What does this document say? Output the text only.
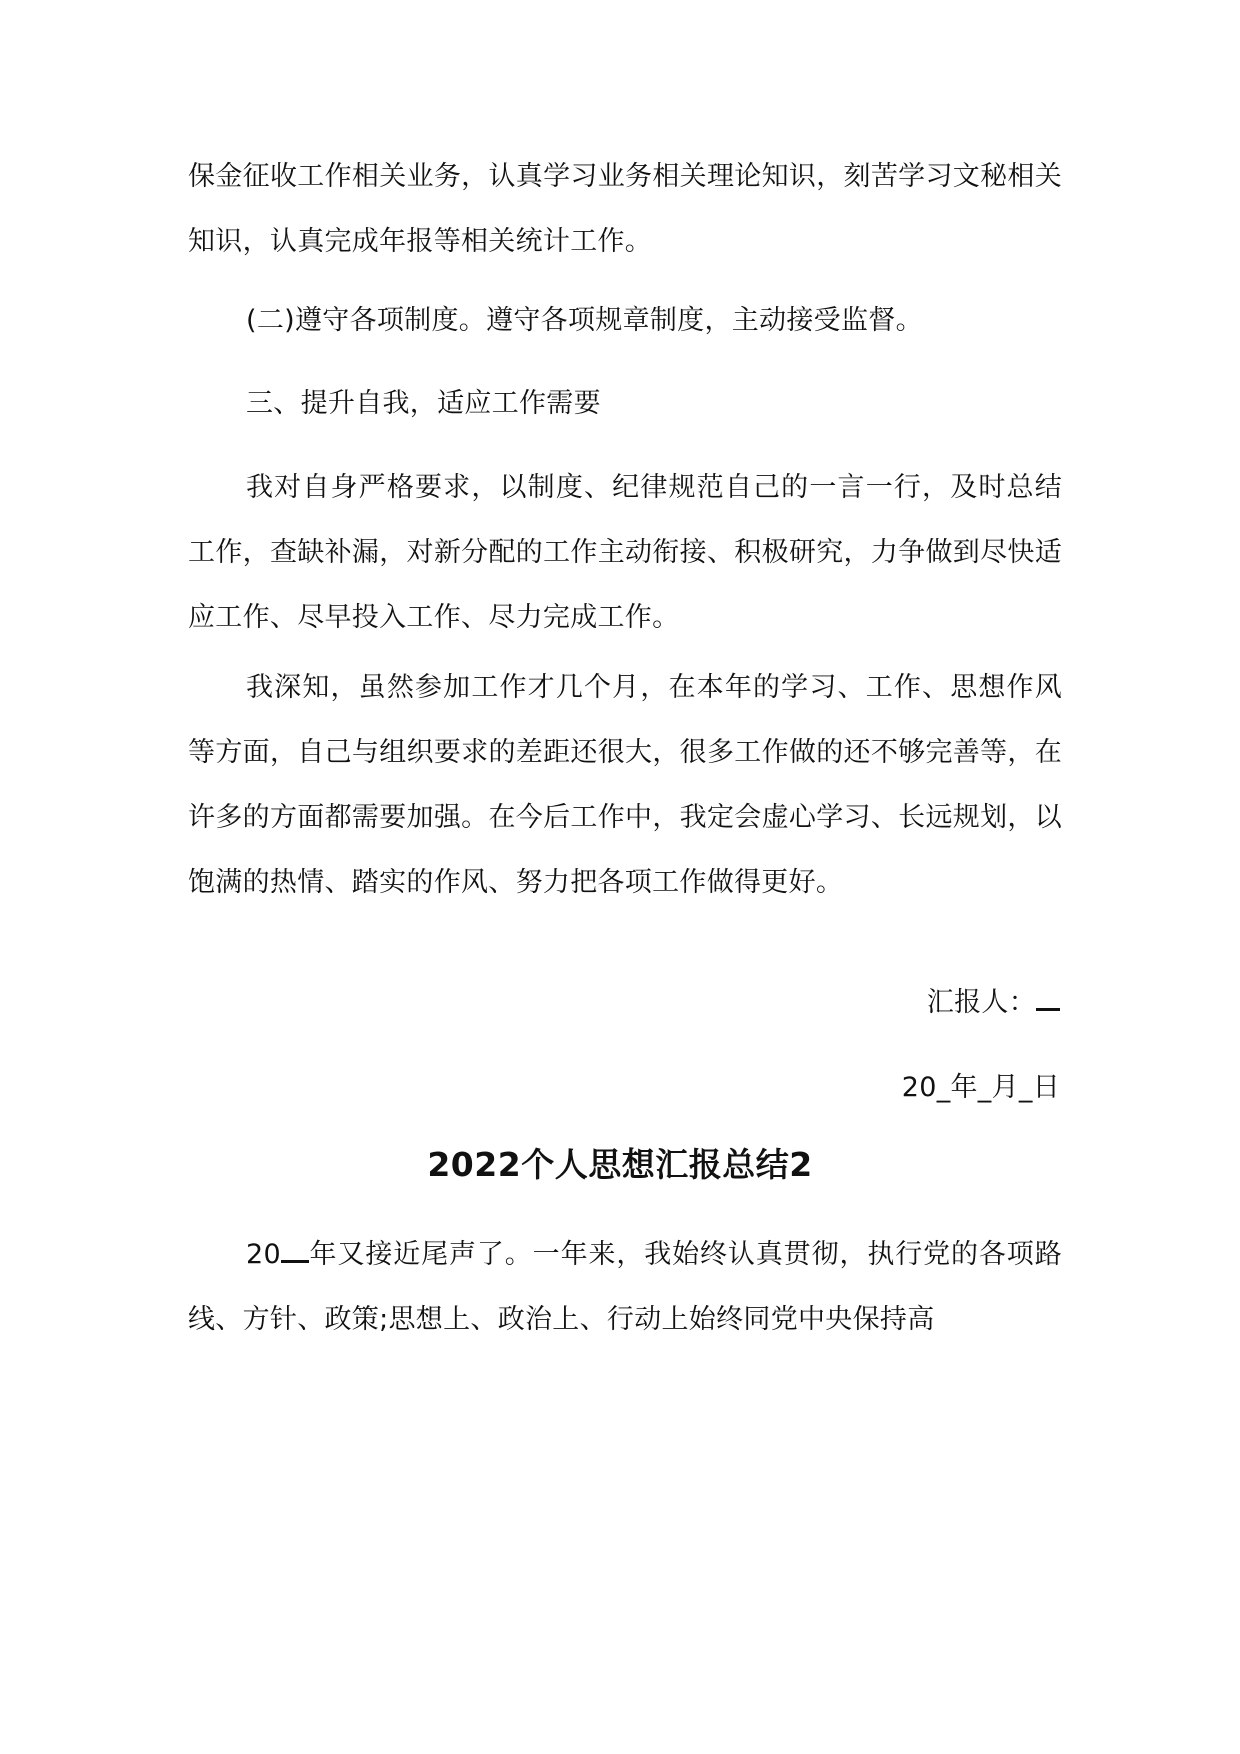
保金征收工作相关业务，认真学习业务相关理论知识，刻苦学习文秘相关知识，认真完成年报等相关统计工作。

(二)遵守各项制度。遵守各项规章制度，主动接受监督。

三、提升自我，适应工作需要

我对自身严格要求，以制度、纪律规范自己的一言一行，及时总结工作，查缺补漏，对新分配的工作主动衔接、积极研究，力争做到尽快适应工作、尽早投入工作、尽力完成工作。

我深知，虽然参加工作才几个月，在本年的学习、工作、思想作风等方面，自己与组织要求的差距还很大，很多工作做的还不够完善等，在许多的方面都需要加强。在今后工作中，我定会虚心学习、长远规划，以饱满的热情、踏实的作风、努力把各项工作做得更好。

汇报人：

20_年_月_日

2022个人思想汇报总结2

20 年又接近尾声了。一年来，我始终认真贯彻，执行党的各项路线、方针、政策;思想上、政治上、行动上始终同党中央保持高
